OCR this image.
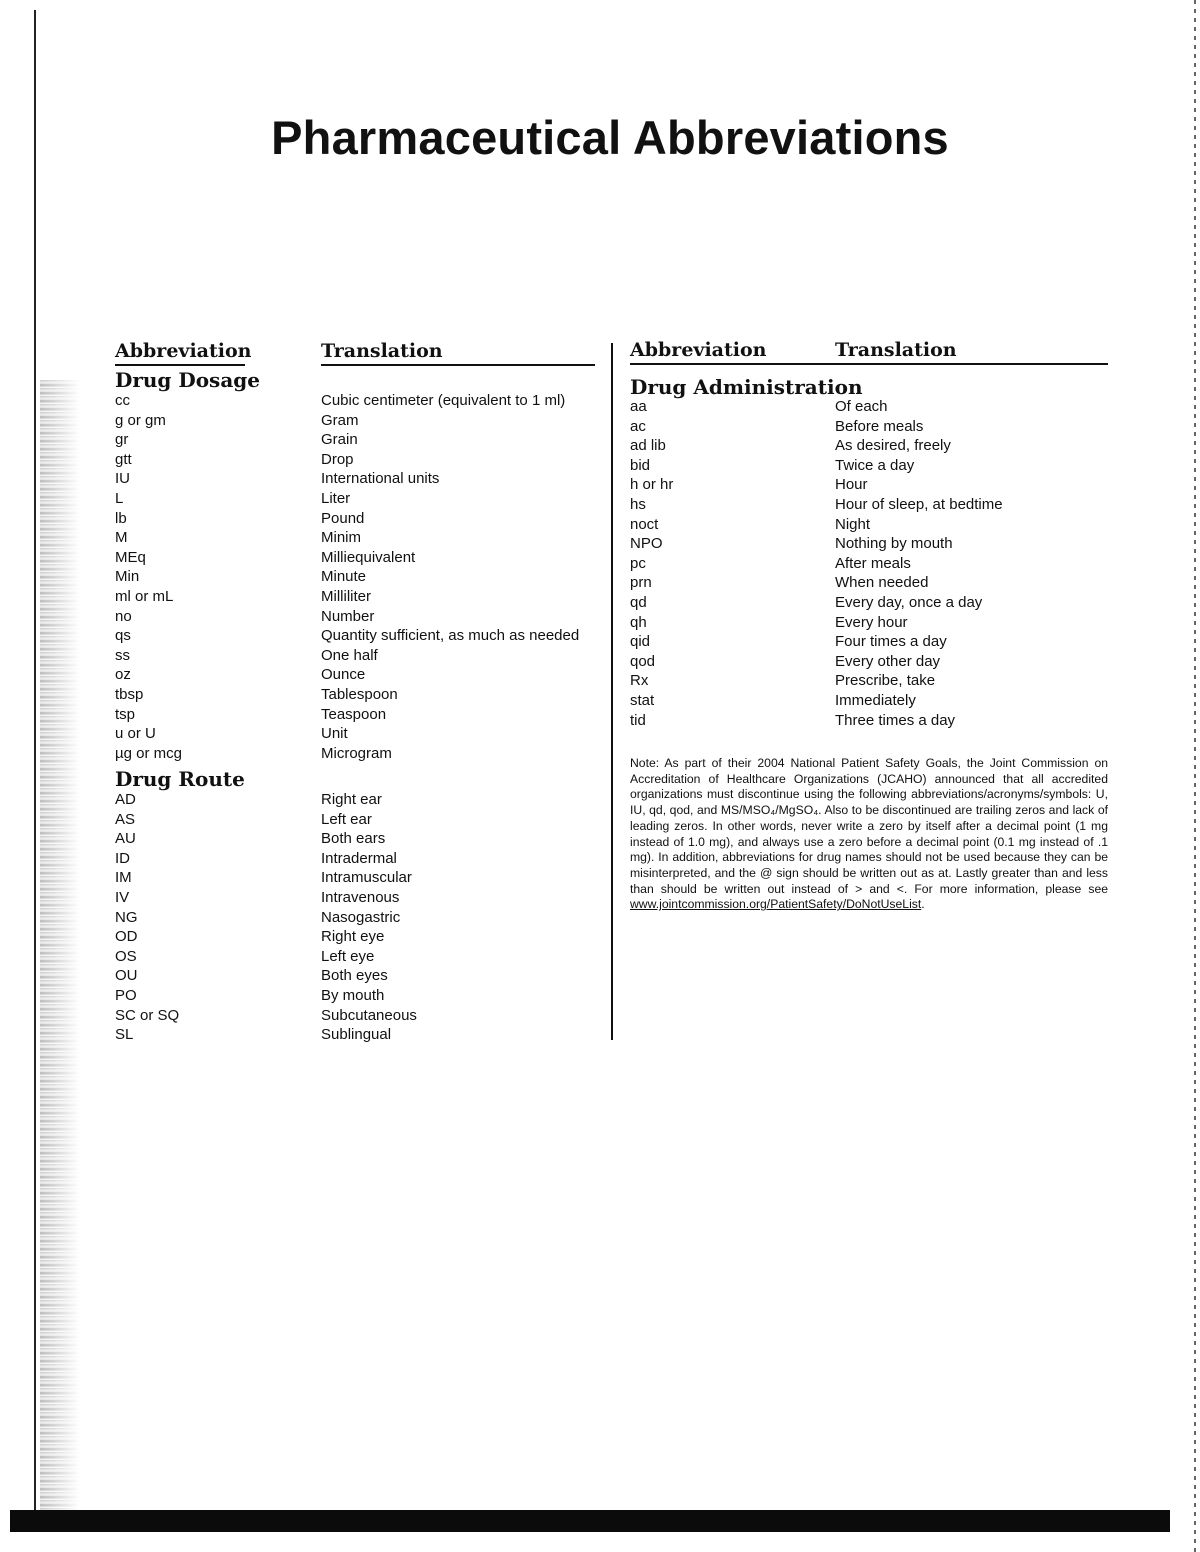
Pharmaceutical Abbreviations
Abbreviation	Translation	Abbreviation	Translation
Drug Dosage
cc	Cubic centimeter (equivalent to 1 ml)
g or gm	Gram
gr	Grain
gtt	Drop
IU	International units
L	Liter
lb	Pound
M	Minim
MEq	Milliequivalent
Min	Minute
ml or mL	Milliliter
no	Number
qs	Quantity sufficient, as much as needed
ss	One half
oz	Ounce
tbsp	Tablespoon
tsp	Teaspoon
u or U	Unit
µg or mcg	Microgram
Drug Route
AD	Right ear
AS	Left ear
AU	Both ears
ID	Intradermal
IM	Intramuscular
IV	Intravenous
NG	Nasogastric
OD	Right eye
OS	Left eye
OU	Both eyes
PO	By mouth
SC or SQ	Subcutaneous
SL	Sublingual
Drug Administration
aa	Of each
ac	Before meals
ad lib	As desired, freely
bid	Twice a day
h or hr	Hour
hs	Hour of sleep, at bedtime
noct	Night
NPO	Nothing by mouth
pc	After meals
prn	When needed
qd	Every day, once a day
qh	Every hour
qid	Four times a day
qod	Every other day
Rx	Prescribe, take
stat	Immediately
tid	Three times a day
Note: As part of their 2004 National Patient Safety Goals, the Joint Commission on Accreditation of Healthcare Organizations (JCAHO) announced that all accredited organizations must discontinue using the following abbreviations/acronyms/symbols: U, IU, qd, qod, and MS/MSO₄/MgSO₄. Also to be discontinued are trailing zeros and lack of leading zeros. In other words, never write a zero by itself after a decimal point (1 mg instead of 1.0 mg), and always use a zero before a decimal point (0.1 mg instead of .1 mg). In addition, abbreviations for drug names should not be used because they can be misinterpreted, and the @ sign should be written out as at. Lastly greater than and less than should be written out instead of > and <. For more information, please see www.jointcommission.org/PatientSafety/DoNotUseList.
